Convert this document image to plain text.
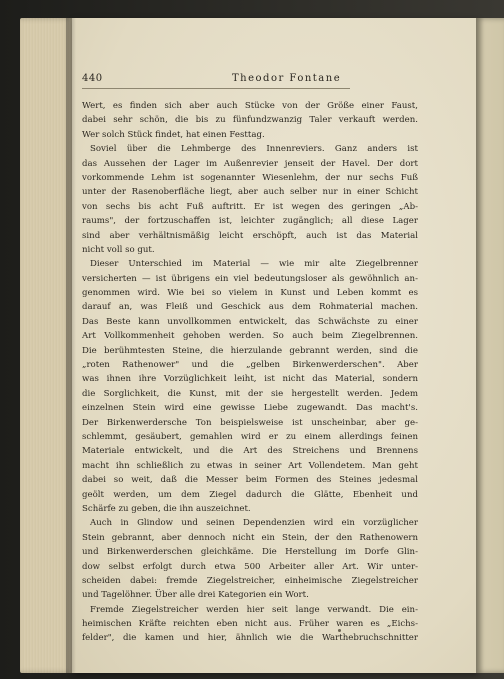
440	Theodor Fontane
Wert, es finden sich aber auch Stücke von der Größe einer Faust,
dabei sehr schön, die bis zu fünfundzwanzig Taler verkauft werden.
Wer solch Stück findet, hat einen Festtag.
Soviel über die Lehmberge des Innenreviers. Ganz anders ist
das Aussehen der Lager im Außenrevier jenseit der Havel. Der dort
vorkommende Lehm ist sogenannter Wiesenlehm, der nur sechs Fuß
unter der Rasenoberfläche liegt, aber auch selber nur in einer Schicht
von sechs bis acht Fuß auftritt. Er ist wegen des geringen „Ab-
raums", der fortzuschaffen ist, leichter zugänglich; all diese Lager
sind aber verhältnismäßig leicht erschöpft, auch ist das Material
nicht voll so gut.
Dieser Unterschied im Material — wie mir alte Ziegelbrenner
versicherten — ist übrigens ein viel bedeutungsloser als gewöhnlich an-
genommen wird. Wie bei so vielem in Kunst und Leben kommt es
darauf an, was Fleiß und Geschick aus dem Rohmaterial machen.
Das Beste kann unvollkommen entwickelt, das Schwächste zu einer
Art Vollkommenheit gehoben werden. So auch beim Ziegelbrennen.
Die berühmtesten Steine, die hierzulande gebrannt werden, sind die
„roten Rathenower" und die „gelben Birkenwerderschen". Aber
was ihnen ihre Vorzüglichkeit leiht, ist nicht das Material, sondern
die Sorglichkeit, die Kunst, mit der sie hergestellt werden. Jedem
einzelnen Stein wird eine gewisse Liebe zugewandt. Das macht's.
Der Birkenwerdersche Ton beispielsweise ist unscheinbar, aber ge-
schlemmt, gesäubert, gemahlen wird er zu einem allerdings feinen
Materiale entwickelt, und die Art des Streichens und Brennens
macht ihn schließlich zu etwas in seiner Art Vollendetem. Man geht
dabei so weit, daß die Messer beim Formen des Steines jedesmal
geölt werden, um dem Ziegel dadurch die Glätte, Ebenheit und
Schärfe zu geben, die ihn auszeichnet.
Auch in Glindow und seinen Dependenzien wird ein vorzüglicher
Stein gebrannt, aber dennoch nicht ein Stein, der den Rathenowern
und Birkenwerderschen gleichkäme. Die Herstellung im Dorfe Glin-
dow selbst erfolgt durch etwa 500 Arbeiter aller Art. Wir unter-
scheiden dabei: fremde Ziegelstreicher, einheimische Ziegelstreicher
und Tagelöhner. Über alle drei Kategorien ein Wort.
Fremde Ziegelstreicher werden hier seit lange verwandt. Die ein-
heimischen Kräfte reichten eben nicht aus. Früher waren es „Eichs-
felder", die kamen und hier, ähnlich wie die Warthebruchschnitter
